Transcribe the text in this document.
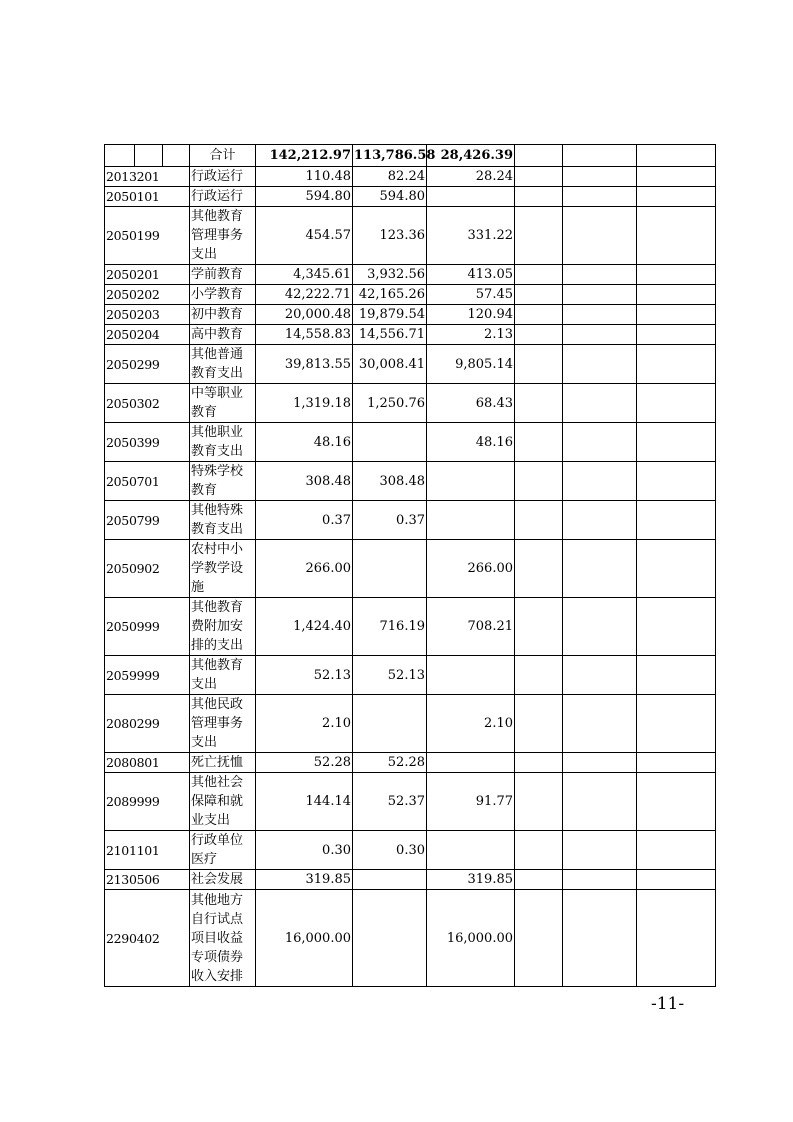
			合计	142,212.97	113,786.58	28,426.39			
2013201			行政运行	110.48	82.24	28.24			
2050101			行政运行	594.80	594.80				
2050199			其他教育管理事务支出	454.57	123.36	331.22			
2050201			学前教育	4,345.61	3,932.56	413.05			
2050202			小学教育	42,222.71	42,165.26	57.45			
2050203			初中教育	20,000.48	19,879.54	120.94			
2050204			高中教育	14,558.83	14,556.71	2.13			
2050299			其他普通教育支出	39,813.55	30,008.41	9,805.14			
2050302			中等职业教育	1,319.18	1,250.76	68.43			
2050399			其他职业教育支出	48.16		48.16			
2050701			特殊学校教育	308.48	308.48				
2050799			其他特殊教育支出	0.37	0.37				
2050902			农村中小学教学设施	266.00		266.00			
2050999			其他教育费附加安排的支出	1,424.40	716.19	708.21			
2059999			其他教育支出	52.13	52.13				
2080299			其他民政管理事务支出	2.10		2.10			
2080801			死亡抚恤	52.28	52.28				
2089999			其他社会保障和就业支出	144.14	52.37	91.77			
2101101			行政单位医疗	0.30	0.30				
2130506			社会发展	319.85		319.85			
2290402			其他地方自行试点项目收益专项债券收入安排	16,000.00		16,000.00			
-11-
